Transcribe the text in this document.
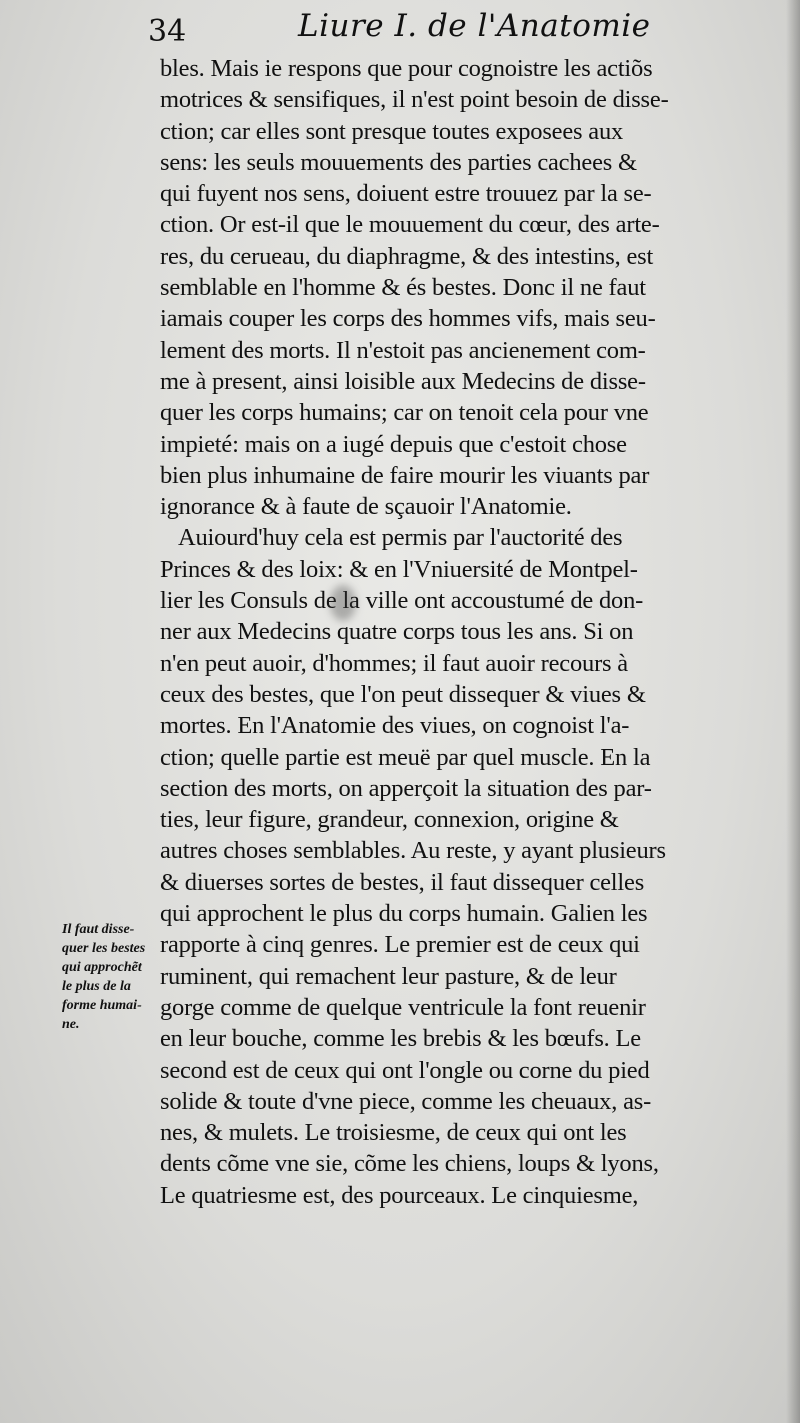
34	Liure I. de l'Anatomie
bles. Mais ie respons que pour cognoistre les actiõs
motrices & sensifiques, il n'est point besoin de disse-
ction; car elles sont presque toutes exposees aux
sens: les seuls mouuements des parties cachees &
qui fuyent nos sens, doiuent estre trouuez par la se-
ction. Or est-il que le mouuement du cœur, des arte-
res, du cerueau, du diaphragme, & des intestins, est
semblable en l'homme & és bestes. Donc il ne faut
iamais couper les corps des hommes vifs, mais seu-
lement des morts. Il n'estoit pas ancienement com-
me à present, ainsi loisible aux Medecins de disse-
quer les corps humains; car on tenoit cela pour vne
impieté: mais on a iugé depuis que c'estoit chose
bien plus inhumaine de faire mourir les viuants par
ignorance & à faute de sçauoir l'Anatomie.
Auiourd'huy cela est permis par l'auctorité des
Princes & des loix: & en l'Vniuersité de Montpel-
lier les Consuls de la ville ont accoustumé de don-
ner aux Medecins quatre corps tous les ans. Si on
n'en peut auoir, d'hommes; il faut auoir recours à
ceux des bestes, que l'on peut dissequer & viues &
mortes. En l'Anatomie des viues, on cognoist l'a-
ction; quelle partie est meuë par quel muscle. En la
section des morts, on apperçoit la situation des par-
ties, leur figure, grandeur, connexion, origine &
autres choses semblables. Au reste, y ayant plusieurs
& diuerses sortes de bestes, il faut dissequer celles
qui approchent le plus du corps humain. Galien les
rapporte à cinq genres. Le premier est de ceux qui
ruminent, qui remachent leur pasture, & de leur
gorge comme de quelque ventricule la font reuenir
en leur bouche, comme les brebis & les bœufs. Le
second est de ceux qui ont l'ongle ou corne du pied
solide & toute d'vne piece, comme les cheuaux, as-
nes, & mulets. Le troisiesme, de ceux qui ont les
dents cõme vne sie, cõme les chiens, loups & lyons,
Le quatriesme est, des pourceaux. Le cinquiesme,
Il faut disse-
quer les bestes
qui approchẽt
le plus de la
forme humai-
ne.
